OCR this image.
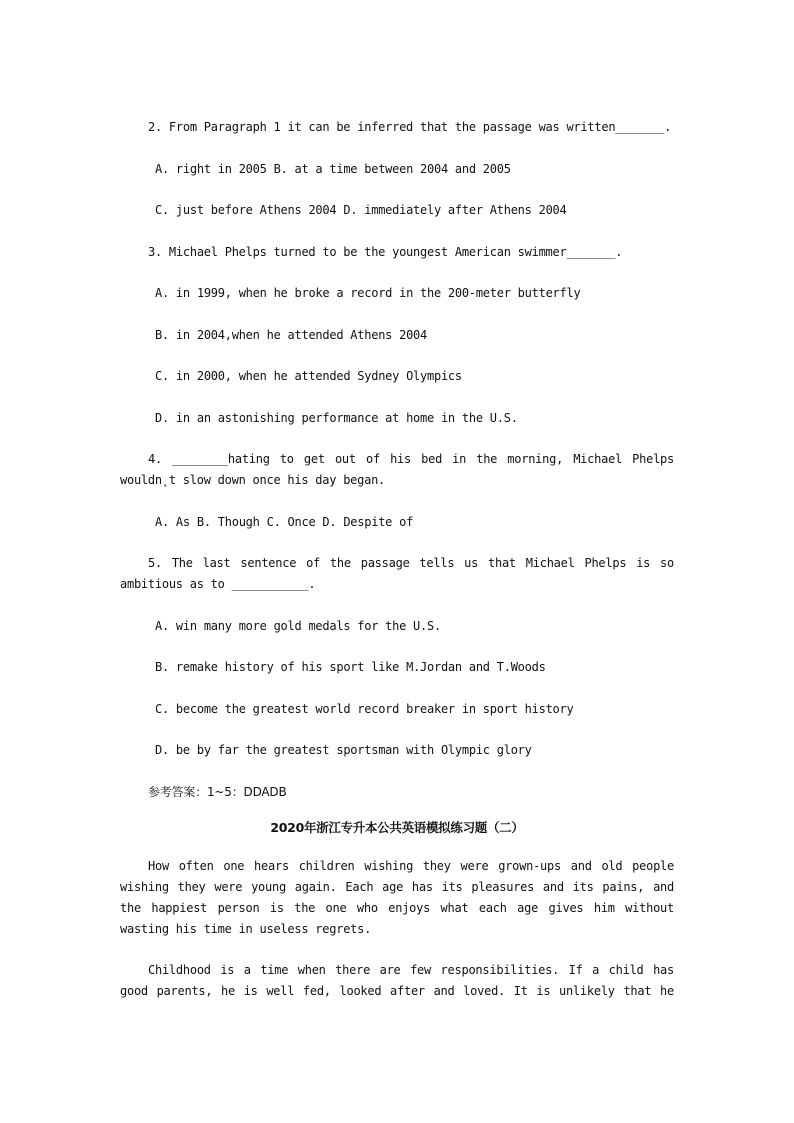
2. From Paragraph 1 it can be inferred that the passage was written_______.

A. right in 2005 B. at a time between 2004 and 2005

C. just before Athens 2004 D. immediately after Athens 2004

3. Michael Phelps turned to be the youngest American swimmer_______.

A. in 1999, when he broke a record in the 200-meter butterfly

B. in 2004,when he attended Athens 2004

C. in 2000, when he attended Sydney Olympics

D. in an astonishing performance at home in the U.S.

4. ________hating to get out of his bed in the morning, Michael Phelps wouldn˛t slow down once his day began.

A. As B. Though C. Once D. Despite of

5. The last sentence of the passage tells us that Michael Phelps is so ambitious as to ___________.

A. win many more gold medals for the U.S.

B. remake history of his sport like M.Jordan and T.Woods

C. become the greatest world record breaker in sport history

D. be by far the greatest sportsman with Olympic glory

参考答案：1~5：DDADB

2020年浙江专升本公共英语模拟练习题（二）

How often one hears children wishing they were grown-ups and old people wishing they were young again. Each age has its pleasures and its pains, and the happiest person is the one who enjoys what each age gives him without wasting his time in useless regrets.

Childhood is a time when there are few responsibilities. If a child has good parents, he is well fed, looked after and loved. It is unlikely that he
